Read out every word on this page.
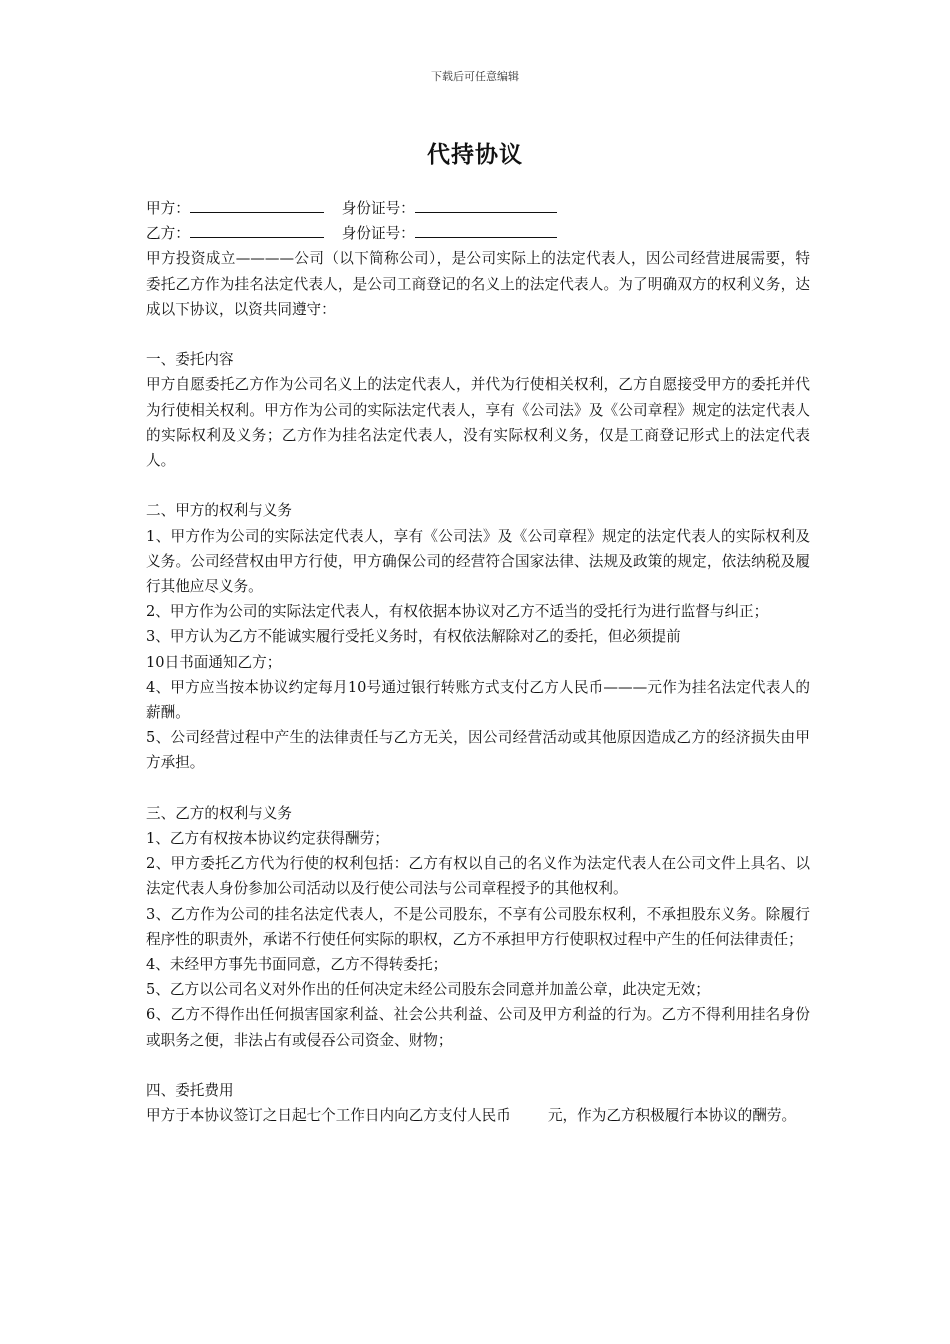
下载后可任意编辑
代持协议
甲方：	身份证号：
乙方：	身份证号：

甲方投资成立————公司（以下简称公司），是公司实际上的法定代表人，因公司经营进展需要，特委托乙方作为挂名法定代表人，是公司工商登记的名义上的法定代表人。为了明确双方的权利义务，达成以下协议，以资共同遵守：

一、委托内容

甲方自愿委托乙方作为公司名义上的法定代表人，并代为行使相关权利，乙方自愿接受甲方的委托并代为行使相关权利。甲方作为公司的实际法定代表人，享有《公司法》及《公司章程》规定的法定代表人的实际权利及义务；乙方作为挂名法定代表人，没有实际权利义务，仅是工商登记形式上的法定代表人。

二、甲方的权利与义务

1、甲方作为公司的实际法定代表人，享有《公司法》及《公司章程》规定的法定代表人的实际权利及义务。公司经营权由甲方行使，甲方确保公司的经营符合国家法律、法规及政策的规定，依法纳税及履行其他应尽义务。

2、甲方作为公司的实际法定代表人，有权依据本协议对乙方不适当的受托行为进行监督与纠正；

3、甲方认为乙方不能诚实履行受托义务时，有权依法解除对乙的委托，但必须提前

10日书面通知乙方；

4、甲方应当按本协议约定每月10号通过银行转账方式支付乙方人民币———元作为挂名法定代表人的薪酬。

5、公司经营过程中产生的法律责任与乙方无关，因公司经营活动或其他原因造成乙方的经济损失由甲方承担。

三、乙方的权利与义务

1、乙方有权按本协议约定获得酬劳；

2、甲方委托乙方代为行使的权利包括：乙方有权以自己的名义作为法定代表人在公司文件上具名、以法定代表人身份参加公司活动以及行使公司法与公司章程授予的其他权利。

3、乙方作为公司的挂名法定代表人，不是公司股东，不享有公司股东权利，不承担股东义务。除履行程序性的职责外，承诺不行使任何实际的职权，乙方不承担甲方行使职权过程中产生的任何法律责任；

4、未经甲方事先书面同意，乙方不得转委托；

5、乙方以公司名义对外作出的任何决定未经公司股东会同意并加盖公章，此决定无效；

6、乙方不得作出任何损害国家利益、社会公共利益、公司及甲方利益的行为。乙方不得利用挂名身份或职务之便，非法占有或侵吞公司资金、财物；

四、委托费用

甲方于本协议签订之日起七个工作日内向乙方支付人民币        元，作为乙方积极履行本协议的酬劳。
